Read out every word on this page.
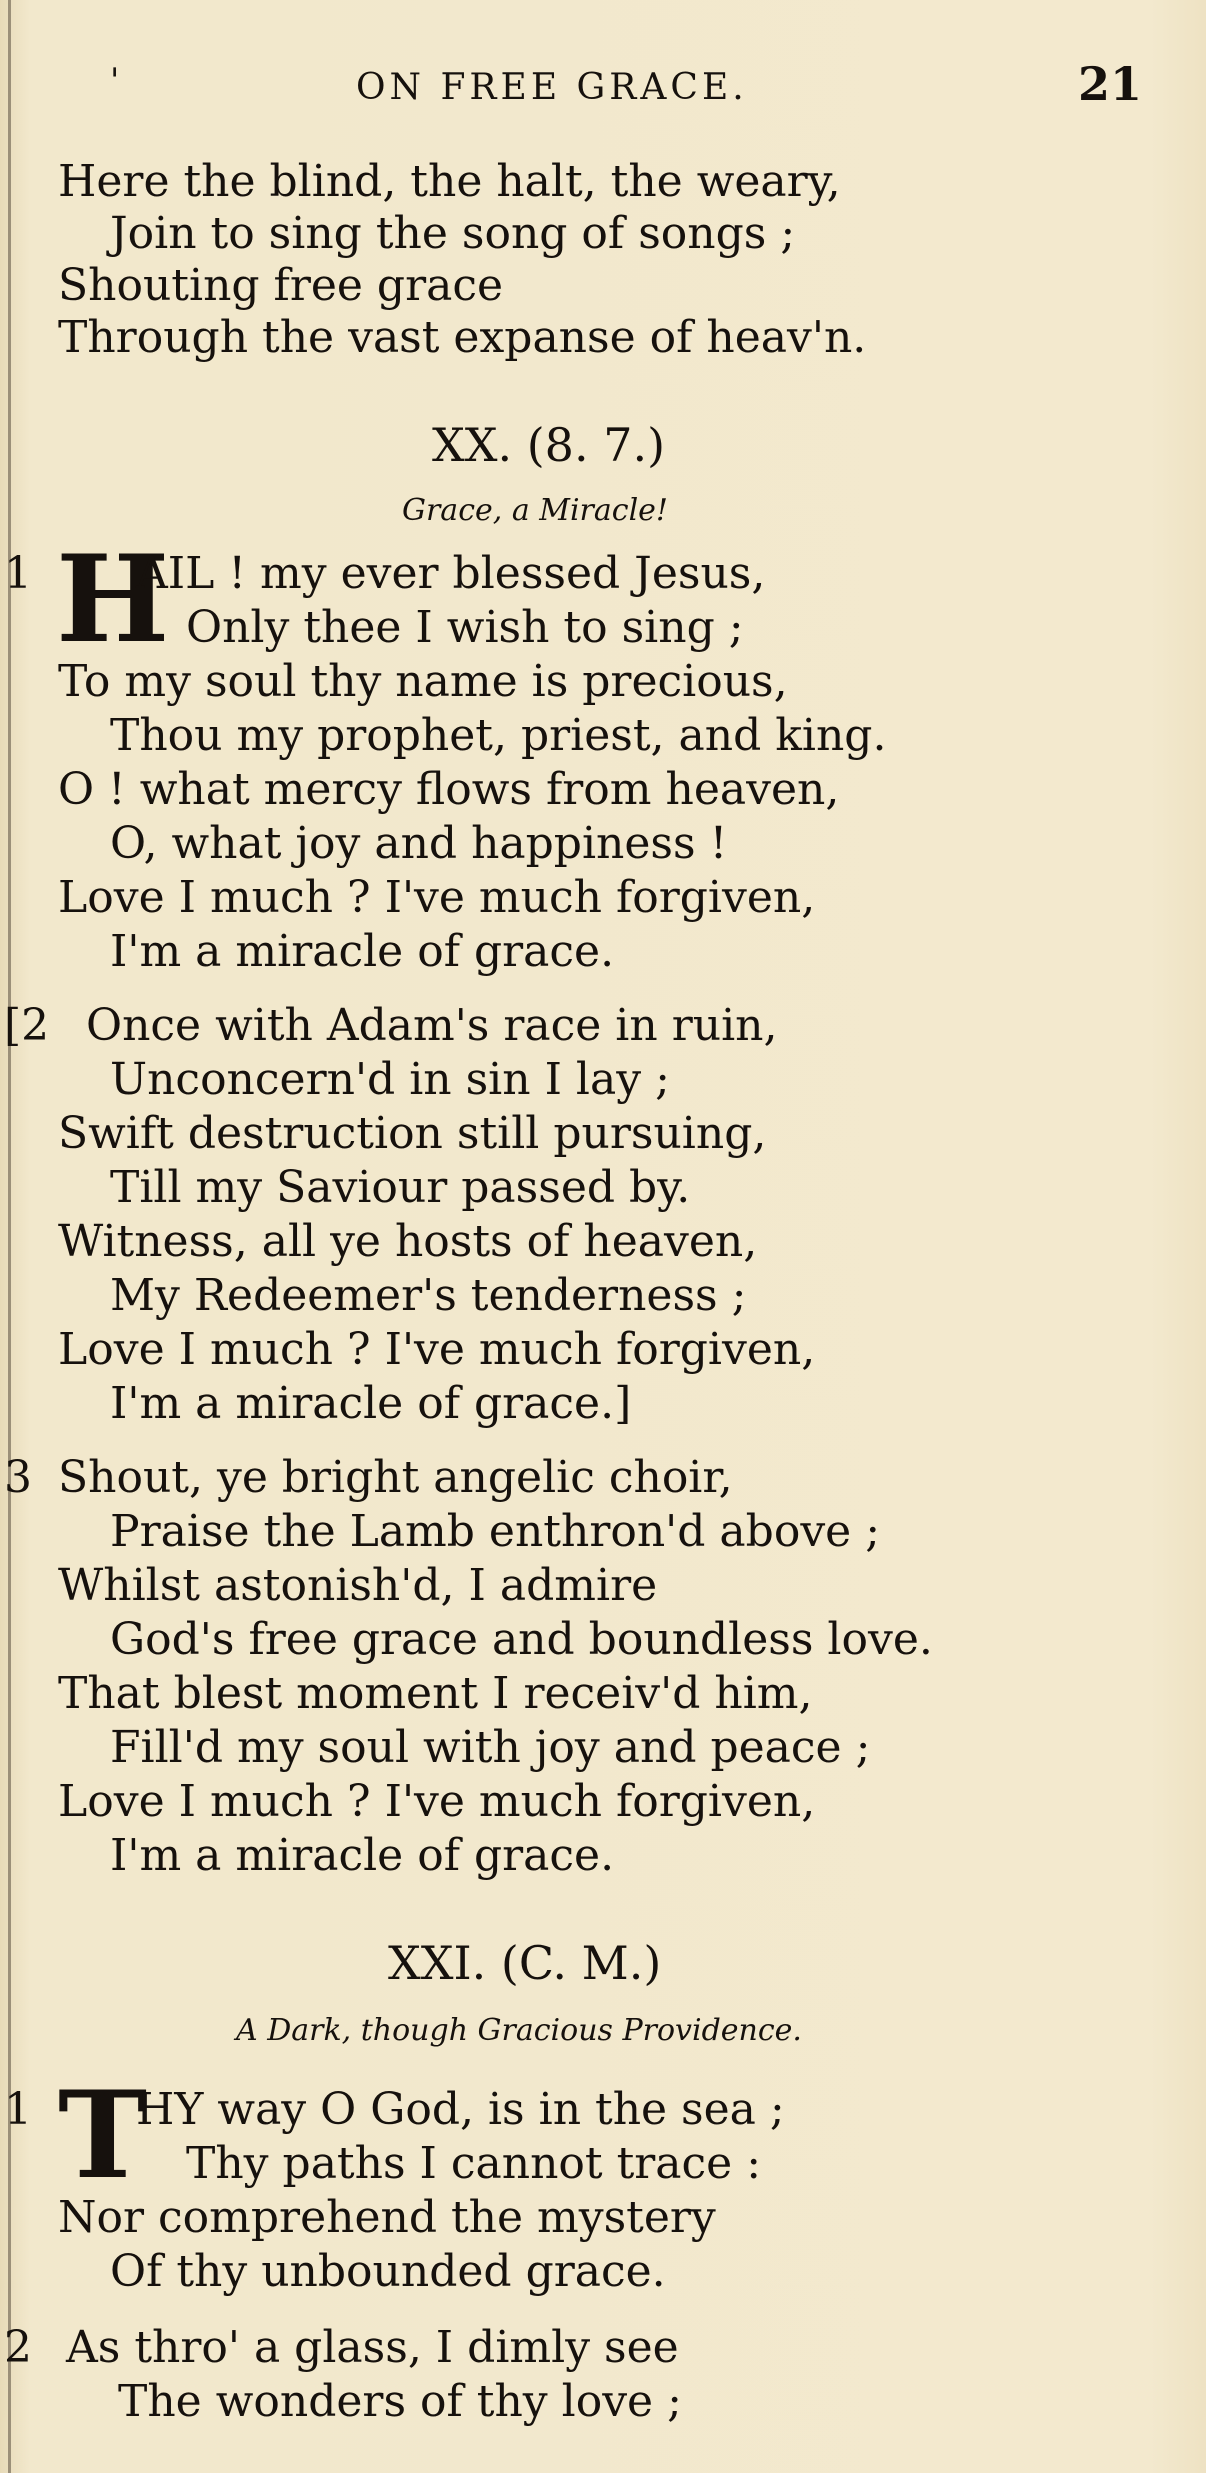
'	ON FREE GRACE.	21
Here the blind, the halt, the weary,
Join to sing the song of songs ;
Shouting free grace
Through the vast expanse of heav'n.
XX. (8. 7.)
Grace, a Miracle!
1 H
AIL ! my ever blessed Jesus,
Only thee I wish to sing ;
To my soul thy name is precious,
Thou my prophet, priest, and king.
O ! what mercy flows from heaven,
O, what joy and happiness !
Love I much ? I've much forgiven,
I'm a miracle of grace.
[2 Once with Adam's race in ruin,
Unconcern'd in sin I lay ;
Swift destruction still pursuing,
Till my Saviour passed by.
Witness, all ye hosts of heaven,
My Redeemer's tenderness ;
Love I much ? I've much forgiven,
I'm a miracle of grace.]
3 Shout, ye bright angelic choir,
Praise the Lamb enthron'd above ;
Whilst astonish'd, I admire
God's free grace and boundless love.
That blest moment I receiv'd him,
Fill'd my soul with joy and peace ;
Love I much ? I've much forgiven,
I'm a miracle of grace.
XXI. (C. M.)
A Dark, though Gracious Providence.
1 T
HY way O God, is in the sea ;
Thy paths I cannot trace :
Nor comprehend the mystery
Of thy unbounded grace.
2 As thro' a glass, I dimly see
The wonders of thy love ;
